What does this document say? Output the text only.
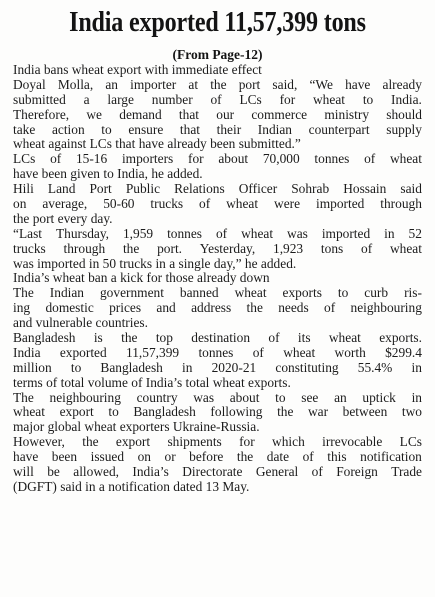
India exported 11,57,399 tons
(From Page-12)
India bans wheat export with immediate effect
Doyal Molla, an importer at the port said, “We have already
submitted a large number of LCs for wheat to India.
Therefore, we demand that our commerce ministry should
take action to ensure that their Indian counterpart supply
wheat against LCs that have already been submitted.”
LCs of 15-16 importers for about 70,000 tonnes of wheat
have been given to India, he added.
Hili Land Port Public Relations Officer Sohrab Hossain said
on average, 50-60 trucks of wheat were imported through
the port every day.
“Last Thursday, 1,959 tonnes of wheat was imported in 52
trucks through the port. Yesterday, 1,923 tons of wheat
was imported in 50 trucks in a single day,” he added.
India’s wheat ban a kick for those already down
The Indian government banned wheat exports to curb ris-
ing domestic prices and address the needs of neighbouring
and vulnerable countries.
Bangladesh is the top destination of its wheat exports.
India exported 11,57,399 tonnes of wheat worth $299.4
million to Bangladesh in 2020-21 constituting 55.4% in
terms of total volume of India’s total wheat exports.
The neighbouring country was about to see an uptick in
wheat export to Bangladesh following the war between two
major global wheat exporters Ukraine-Russia.
However, the export shipments for which irrevocable LCs
have been issued on or before the date of this notification
will be allowed, India’s Directorate General of Foreign Trade
(DGFT) said in a notification dated 13 May.
